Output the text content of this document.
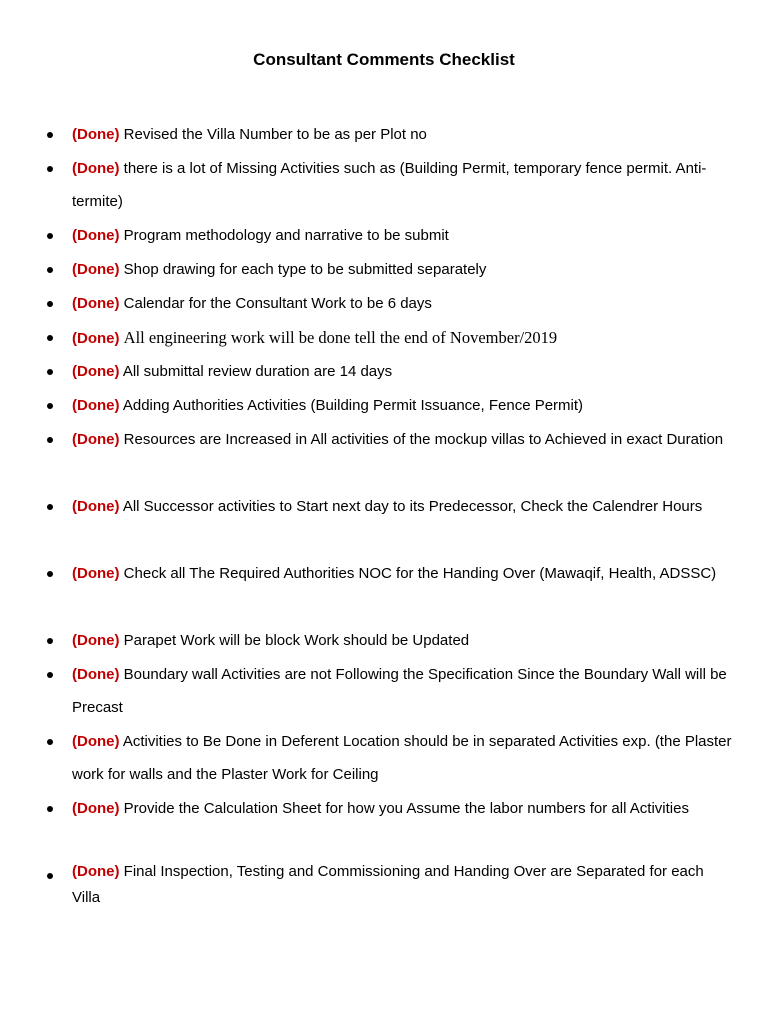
Consultant Comments Checklist
(Done) Revised the Villa Number to be as per Plot no
(Done) there is a lot of Missing Activities such as (Building Permit, temporary fence permit. Anti-termite)
(Done) Program methodology and narrative to be submit
(Done) Shop drawing for each type to be submitted separately
(Done) Calendar for the Consultant Work to be 6 days
(Done) All engineering work will be done tell the end of November/2019
(Done) All submittal review duration are 14 days
(Done) Adding Authorities Activities (Building Permit Issuance, Fence Permit)
(Done) Resources are Increased in All activities of the mockup villas to Achieved in exact Duration
(Done) All Successor activities to Start next day to its Predecessor, Check the Calendrer Hours
(Done) Check all The Required Authorities NOC for the Handing Over (Mawaqif, Health, ADSSC)
(Done) Parapet Work will be block Work should be Updated
(Done) Boundary wall Activities are not Following the Specification Since the Boundary Wall will be Precast
(Done) Activities to Be Done in Deferent Location should be in separated Activities exp. (the Plaster work for walls and the Plaster Work for Ceiling
(Done) Provide the Calculation Sheet for how you Assume the labor numbers for all Activities
(Done) Final Inspection, Testing and Commissioning and Handing Over are Separated for each Villa
